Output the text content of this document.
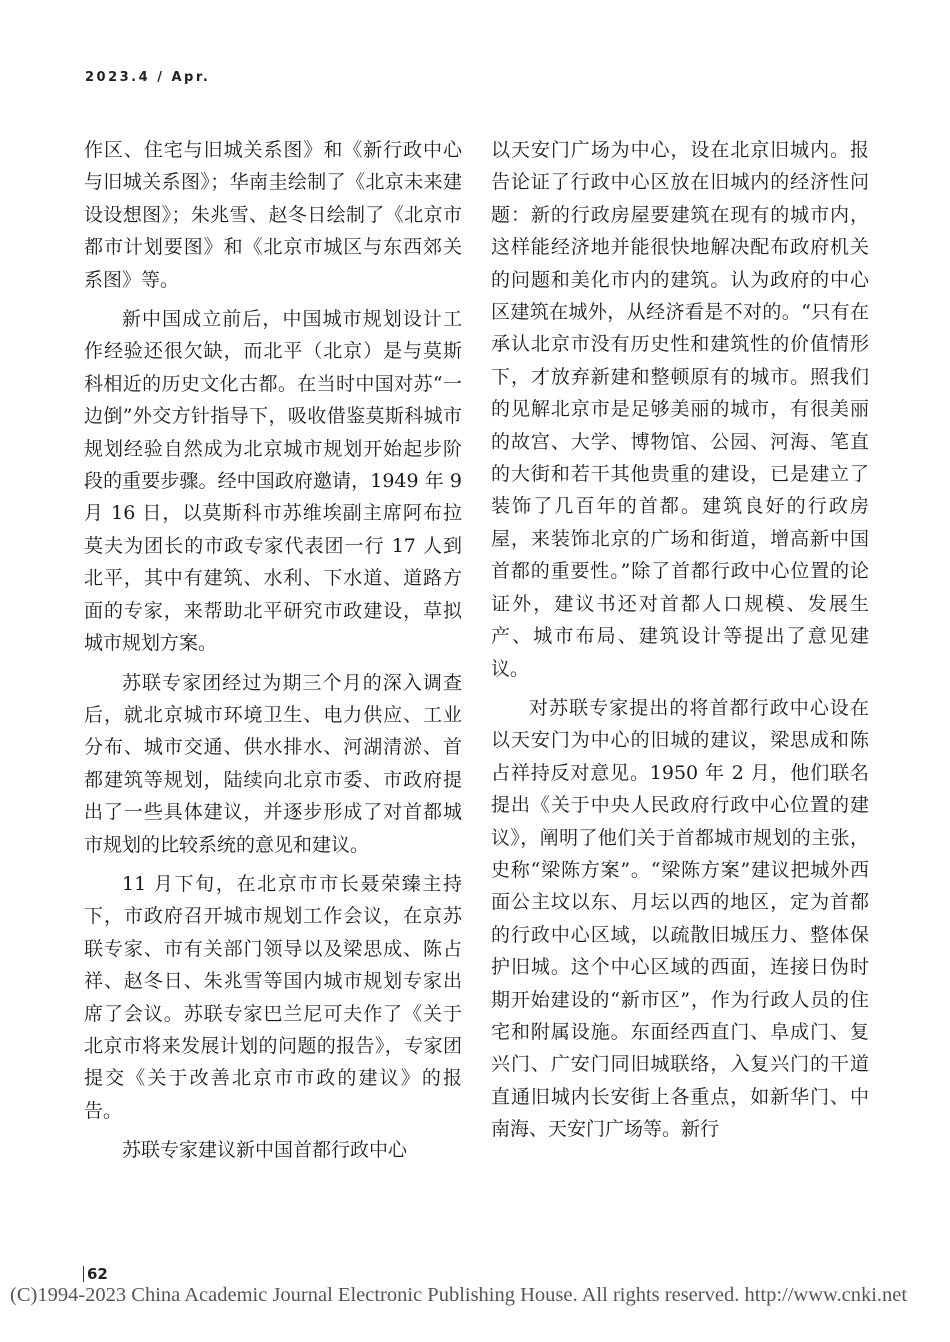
2023.4 / Apr.

作区、住宅与旧城关系图》和《新行政中心与旧城关系图》；华南圭绘制了《北京未来建设设想图》；朱兆雪、赵冬日绘制了《北京市都市计划要图》和《北京市城区与东西郊关系图》等。

新中国成立前后，中国城市规划设计工作经验还很欠缺，而北平（北京）是与莫斯科相近的历史文化古都。在当时中国对苏“一边倒”外交方针指导下，吸收借鉴莫斯科城市规划经验自然成为北京城市规划开始起步阶段的重要步骤。经中国政府邀请，1949 年 9 月 16 日，以莫斯科市苏维埃副主席阿布拉莫夫为团长的市政专家代表团一行 17 人到北平，其中有建筑、水利、下水道、道路方面的专家，来帮助北平研究市政建设，草拟城市规划方案。

苏联专家团经过为期三个月的深入调查后，就北京城市环境卫生、电力供应、工业分布、城市交通、供水排水、河湖清淤、首都建筑等规划，陆续向北京市委、市政府提出了一些具体建议，并逐步形成了对首都城市规划的比较系统的意见和建议。

11 月下旬，在北京市市长聂荣臻主持下，市政府召开城市规划工作会议，在京苏联专家、市有关部门领导以及梁思成、陈占祥、赵冬日、朱兆雪等国内城市规划专家出席了会议。苏联专家巴兰尼可夫作了《关于北京市将来发展计划的问题的报告》，专家团提交《关于改善北京市市政的建议》的报告。

苏联专家建议新中国首都行政中心

以天安门广场为中心，设在北京旧城内。报告论证了行政中心区放在旧城内的经济性问题：新的行政房屋要建筑在现有的城市内，这样能经济地并能很快地解决配布政府机关的问题和美化市内的建筑。认为政府的中心区建筑在城外，从经济看是不对的。“只有在承认北京市没有历史性和建筑性的价值情形下，才放弃新建和整顿原有的城市。照我们的见解北京市是足够美丽的城市，有很美丽的故宫、大学、博物馆、公园、河海、笔直的大街和若干其他贵重的建设，已是建立了装饰了几百年的首都。建筑良好的行政房屋，来装饰北京的广场和街道，增高新中国首都的重要性。”除了首都行政中心位置的论证外，建议书还对首都人口规模、发展生产、城市布局、建筑设计等提出了意见建议。

对苏联专家提出的将首都行政中心设在以天安门为中心的旧城的建议，梁思成和陈占祥持反对意见。1950 年 2 月，他们联名提出《关于中央人民政府行政中心位置的建议》，阐明了他们关于首都城市规划的主张，史称“梁陈方案”。“梁陈方案”建议把城外西面公主坟以东、月坛以西的地区，定为首都的行政中心区域，以疏散旧城压力、整体保护旧城。这个中心区域的西面，连接日伪时期开始建设的“新市区”，作为行政人员的住宅和附属设施。东面经西直门、阜成门、复兴门、广安门同旧城联络，入复兴门的干道直通旧城内长安街上各重点，如新华门、中南海、天安门广场等。新行

62
(C)1994-2023 China Academic Journal Electronic Publishing House. All rights reserved. http://www.cnki.net
